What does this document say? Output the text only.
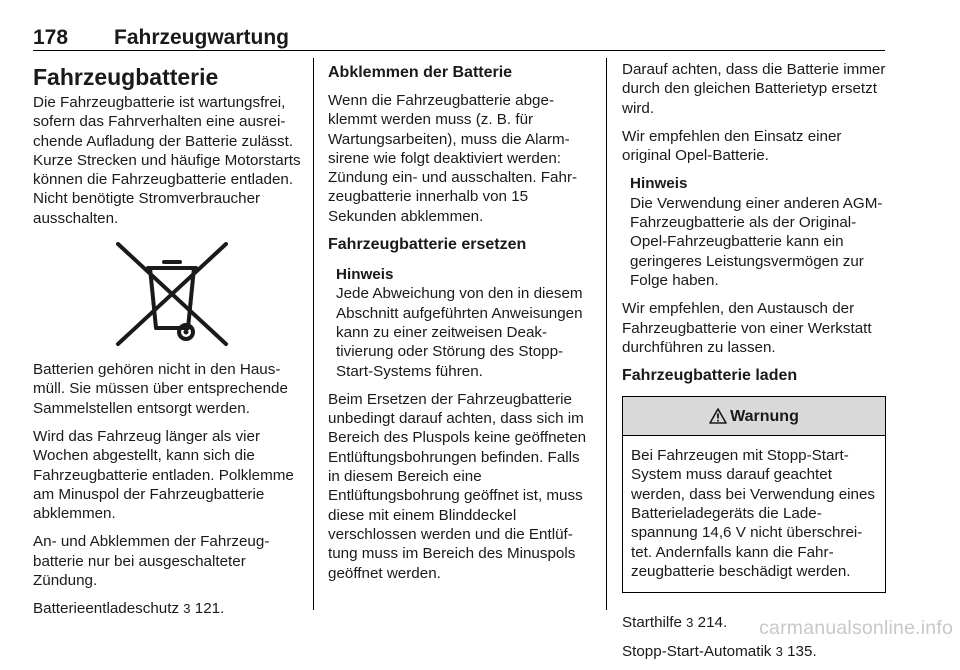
178 Fahrzeugwartung
Fahrzeugbatterie

Die Fahrzeugbatterie ist wartungsfrei, sofern das Fahrverhalten eine ausreichende Aufladung der Batterie zulässt. Kurze Strecken und häufige Motorstarts können die Fahrzeugbatterie entladen. Nicht benötigte Stromverbraucher ausschalten.

Batterien gehören nicht in den Hausmüll. Sie müssen über entsprechende Sammelstellen entsorgt werden.

Wird das Fahrzeug länger als vier Wochen abgestellt, kann sich die Fahrzeugbatterie entladen. Polklemme am Minuspol der Fahrzeugbatterie abklemmen.

An- und Abklemmen der Fahrzeugbatterie nur bei ausgeschalteter Zündung.

Batterieentladeschutz 3 121.

Abklemmen der Batterie

Wenn die Fahrzeugbatterie abgeklemmt werden muss (z. B. für Wartungsarbeiten), muss die Alarmsirene wie folgt deaktiviert werden: Zündung ein- und ausschalten. Fahrzeugbatterie innerhalb von 15 Sekunden abklemmen.

Fahrzeugbatterie ersetzen
Hinweis
Jede Abweichung von den in diesem Abschnitt aufgeführten Anweisungen kann zu einer zeitweisen Deaktivierung oder Störung des Stopp-Start-Systems führen.

Beim Ersetzen der Fahrzeugbatterie unbedingt darauf achten, dass sich im Bereich des Pluspols keine geöffneten Entlüftungsbohrungen befinden. Falls in diesem Bereich eine Entlüftungsbohrung geöffnet ist, muss diese mit einem Blinddeckel verschlossen werden und die Entlüftung muss im Bereich des Minuspols geöffnet werden.

Darauf achten, dass die Batterie immer durch den gleichen Batterietyp ersetzt wird.

Wir empfehlen den Einsatz einer original Opel-Batterie.

Hinweis
Die Verwendung einer anderen AGM-Fahrzeugbatterie als der Original-Opel-Fahrzeugbatterie kann ein geringeres Leistungsvermögen zur Folge haben.

Wir empfehlen, den Austausch der Fahrzeugbatterie von einer Werkstatt durchführen zu lassen.

Fahrzeugbatterie laden
Warnung
Bei Fahrzeugen mit Stopp-Start-System muss darauf geachtet werden, dass bei Verwendung eines Batterieladegeräts die Ladespannung 14,6 V nicht überschreitet. Andernfalls kann die Fahrzeugbatterie beschädigt werden.

Starthilfe 3 214.

Stopp-Start-Automatik 3 135.

carmanualsonline.info
